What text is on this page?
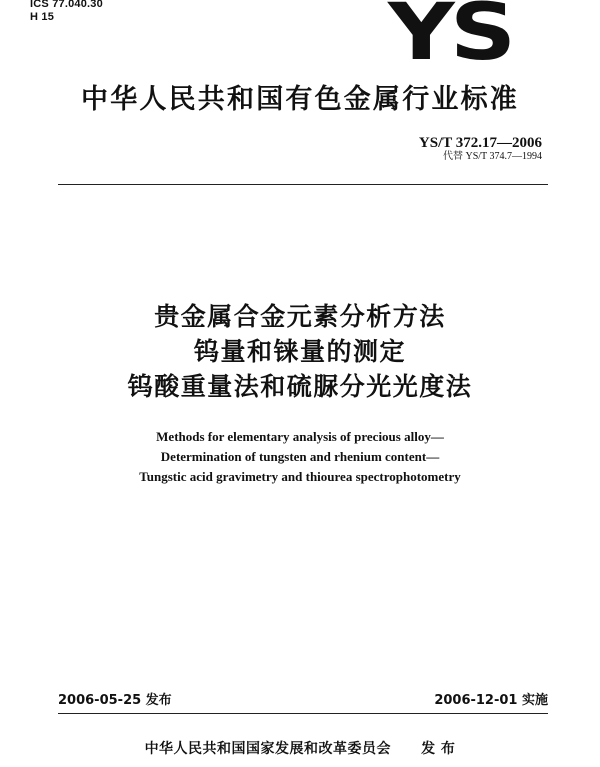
ICS 77.040.30
H 15	YS
中华人民共和国有色金属行业标准
YS/T 372.17—2006
代替 YS/T 374.7—1994
贵金属合金元素分析方法
钨量和铼量的测定
钨酸重量法和硫脲分光光度法
Methods for elementary analysis of precious alloy—
Determination of tungsten and rhenium content—
Tungstic acid gravimetry and thiourea spectrophotometry
2006-05-25 发布	2006-12-01 实施
中华人民共和国国家发展和改革委员会 发 布
